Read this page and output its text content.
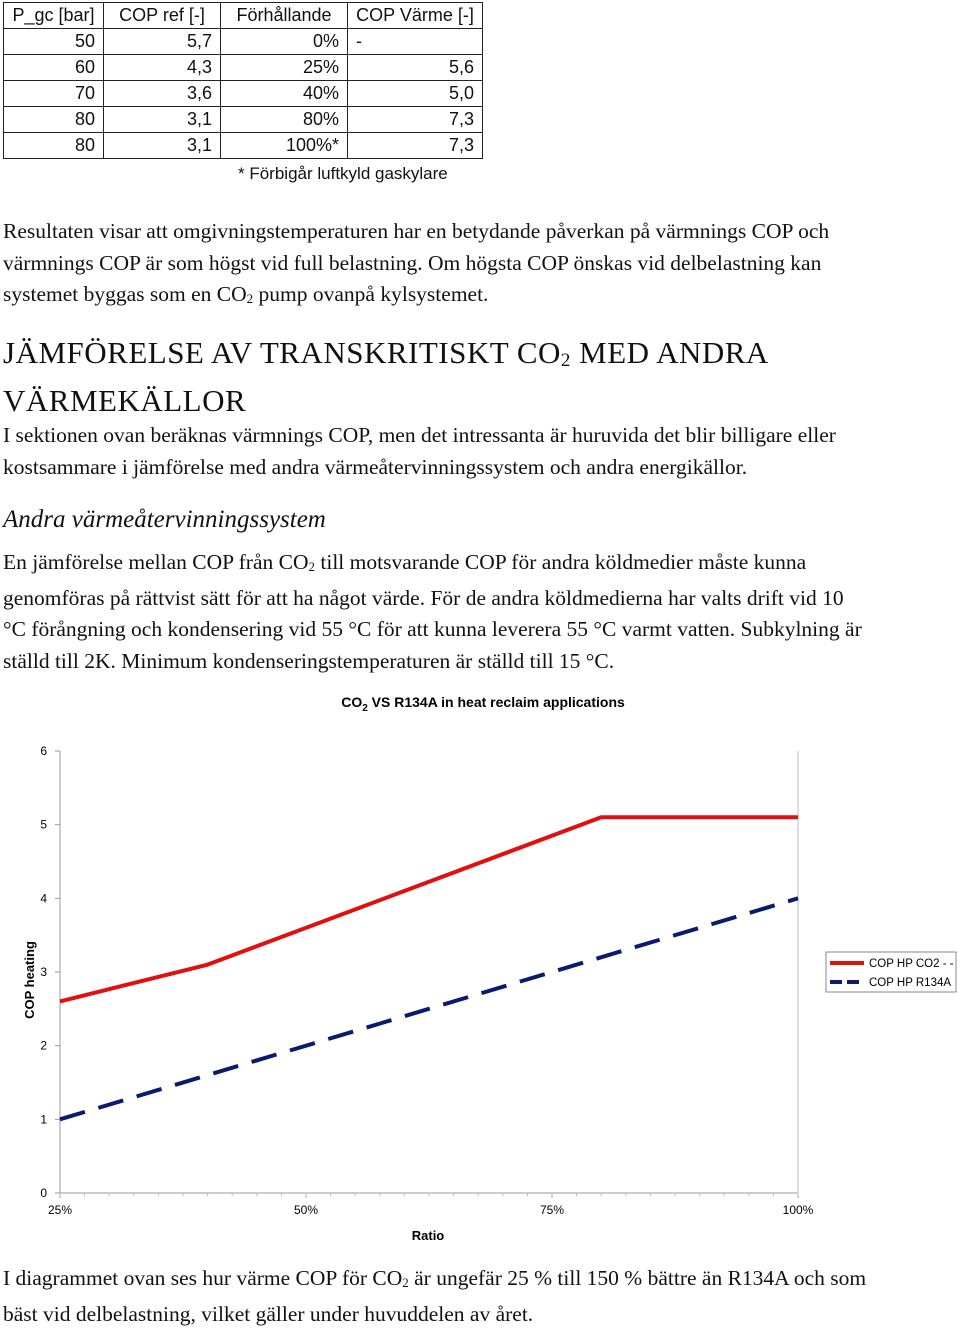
P_gc [bar]	COP ref [-]	Förhållande	COP Värme [-]
50	5,7	0%	-
60	4,3	25%	5,6
70	3,6	40%	5,0
80	3,1	80%	7,3
80	3,1	100%*	7,3
* Förbigår luftkyld gaskylare

Resultaten visar att omgivningstemperaturen har en betydande påverkan på värmnings COP och
värmnings COP är som högst vid full belastning. Om högsta COP önskas vid delbelastning kan
systemet byggas som en $CO_2$ pump ovanpå kylsystemet.

JÄMFÖRELSE AV TRANSKRITISKT $CO_2$ MED ANDRA
VÄRMEKÄLLOR

I sektionen ovan beräknas värmnings COP, men det intressanta är huruvida det blir billigare eller
kostsammare i jämförelse med andra värmeåtervinningssystem och andra energikällor.

Andra värmeåtervinningssystem

En jämförelse mellan COP från $CO_2$ till motsvarande COP för andra köldmedier måste kunna
genomföras på rättvist sätt för att ha något värde. För de andra köldmedierna har valts drift vid 10
°C förångning och kondensering vid 55 °C för att kunna leverera 55 °C varmt vatten. Subkylning är
ställd till 2K. Minimum kondenseringstemperaturen är ställd till 15 °C.

$CO_2$ VS R134A in heat reclaim applications
0
1
2
3
4
5
6
25%	50%	75%	100%
COP HP CO2 - -
COP HP R134A
Ratio
COP heating

I diagrammet ovan ses hur värme COP för $CO_2$ är ungefär 25 % till 150 % bättre än R134A och som
bäst vid delbelastning, vilket gäller under huvuddelen av året.
